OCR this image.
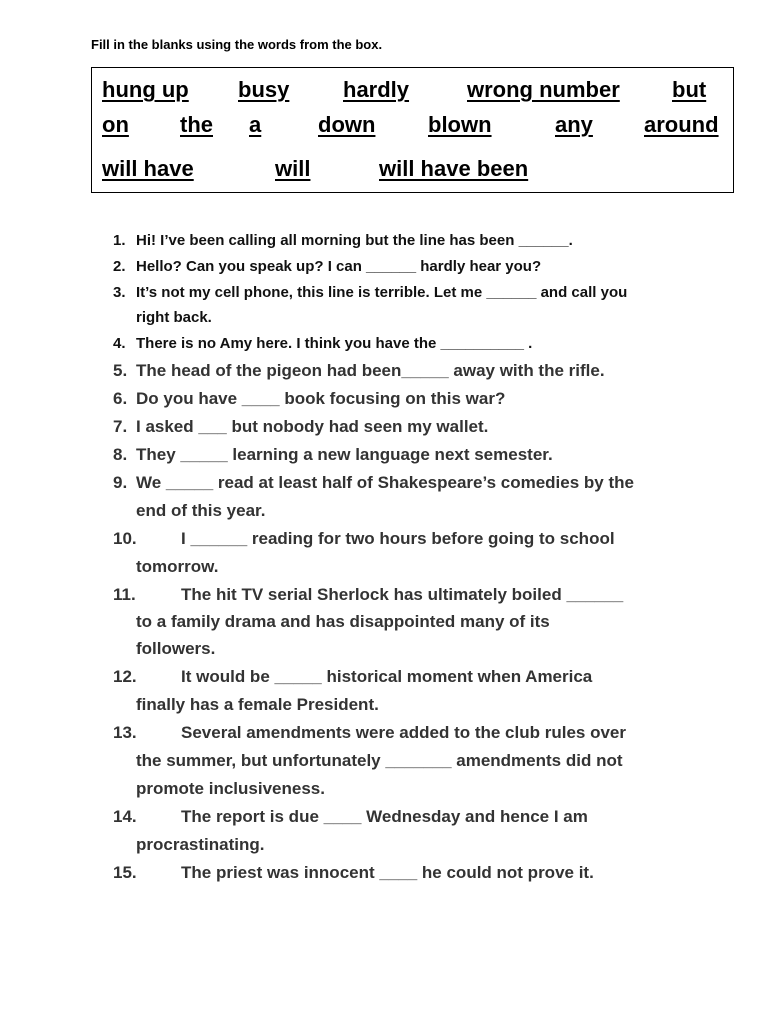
Fill in the blanks using the words from the box.
hung up busy hardly	wrong number but
on the a	down blown	any around
will have	will	will have been
1. Hi! I’ve been calling all morning but the line has been ______.
2. Hello? Can you speak up? I can ______ hardly hear you?
3. It’s not my cell phone, this line is terrible. Let me ______ and call you
right back.
4. There is no Amy here. I think you have the __________ .
5. The head of the pigeon had been_____ away with the rifle.
6. Do you have ____ book focusing on this war?
7. I asked ___ but nobody had seen my wallet.
8. They _____ learning a new language next semester.
9. We _____ read at least half of Shakespeare’s comedies by the
end of this year.
10.	I ______ reading for two hours before going to school
tomorrow.
11.	The hit TV serial Sherlock has ultimately boiled ______
to a family drama and has disappointed many of its
followers.
12.	It would be _____ historical moment when America
finally has a female President.
13.	Several amendments were added to the club rules over
the summer, but unfortunately _______ amendments did not
promote inclusiveness.
14.	The report is due ____ Wednesday and hence I am
procrastinating.
15.	The priest was innocent ____ he could not prove it.
